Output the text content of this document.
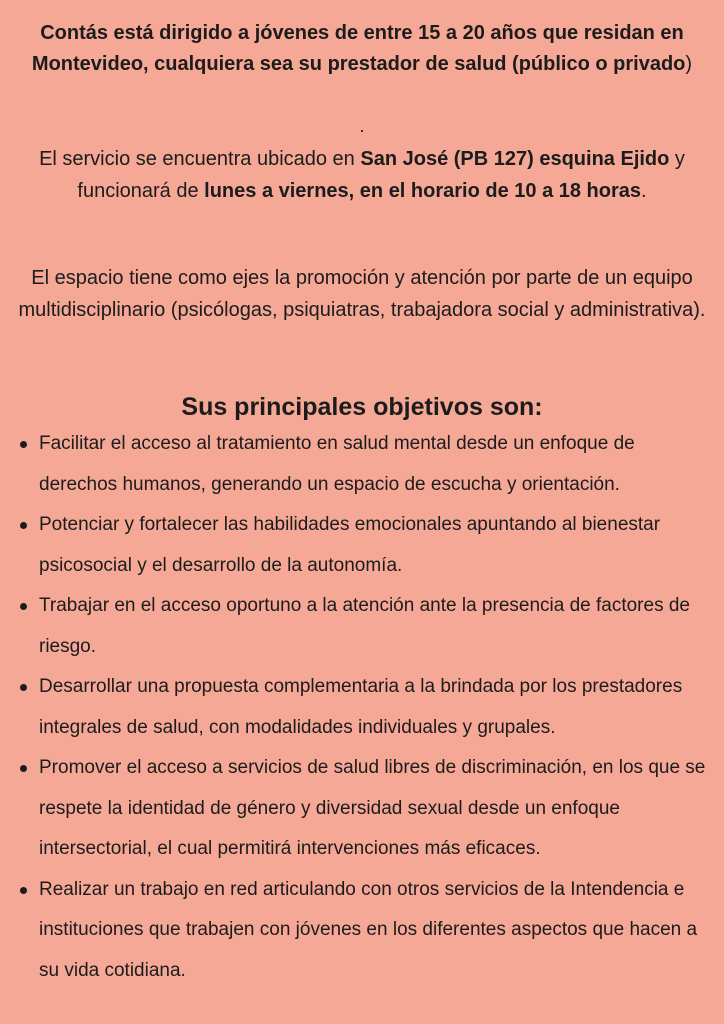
Contás está dirigido a jóvenes de entre 15 a 20 años que residan en Montevideo, cualquiera sea su prestador de salud (público o privado)

.

El servicio se encuentra ubicado en San José (PB 127) esquina Ejido y funcionará de lunes a viernes, en el horario de 10 a 18 horas.

El espacio tiene como ejes la promoción y atención por parte de un equipo multidisciplinario (psicólogas, psiquiatras, trabajadora social y administrativa).

Sus principales objetivos son:
Facilitar el acceso al tratamiento en salud mental desde un enfoque de derechos humanos, generando un espacio de escucha y orientación.
Potenciar y fortalecer las habilidades emocionales apuntando al bienestar psicosocial y el desarrollo de la autonomía.
Trabajar en el acceso oportuno a la atención ante la presencia de factores de riesgo.
Desarrollar una propuesta complementaria a la brindada por los prestadores integrales de salud, con modalidades individuales y grupales.
Promover el acceso a servicios de salud libres de discriminación, en los que se respete la identidad de género y diversidad sexual desde un enfoque intersectorial, el cual permitirá intervenciones más eficaces.
Realizar un trabajo en red articulando con otros servicios de la Intendencia e instituciones que trabajen con jóvenes en los diferentes aspectos que hacen a su vida cotidiana.
